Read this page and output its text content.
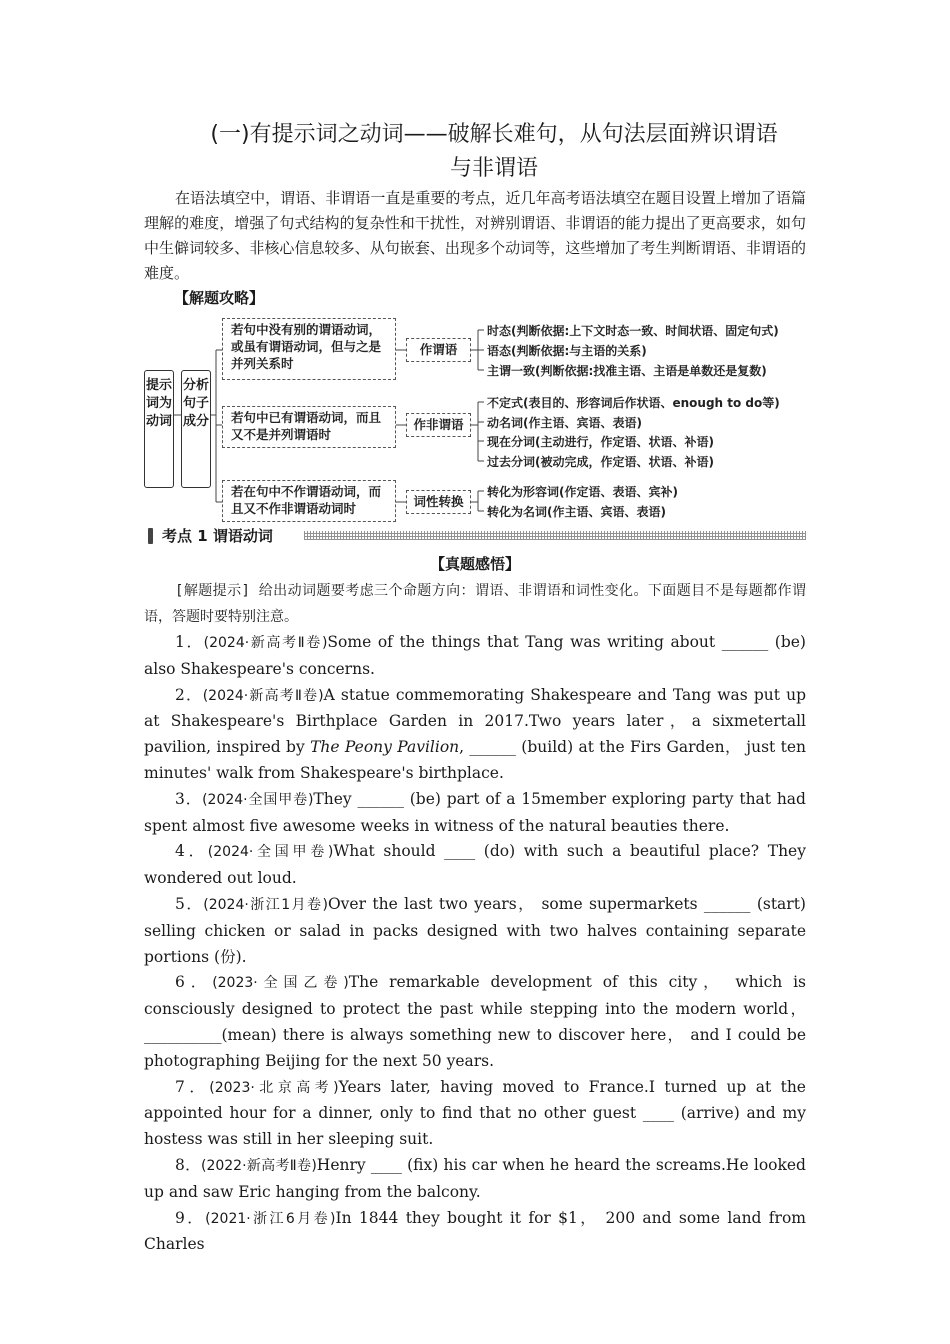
(一)有提示词之动词——破解长难句，从句法层面辨识谓语
与非谓语
在语法填空中，谓语、非谓语一直是重要的考点，近几年高考语法填空在题目设置上增加了语篇理解的难度，增强了句式结构的复杂性和干扰性，对辨别谓语、非谓语的能力提出了更高要求，如句中生僻词较多、非核心信息较多、从句嵌套、出现多个动词等，这些增加了考生判断谓语、非谓语的难度。
【解题攻略】
提示词为动词
分析句子成分
若句中没有别的谓语动词，或虽有谓语动词，但与之是并列关系时
若句中已有谓语动词，而且又不是并列谓语时
若在句中不作谓语动词，而且又不作非谓语动词时
作谓语
作非谓语
词性转换
时态(判断依据:上下文时态一致、时间状语、固定句式)
语态(判断依据:与主语的关系)
主谓一致(判断依据:找准主语、主语是单数还是复数)
不定式(表目的、形容词后作状语、enough to do等)
动名词(作主语、宾语、表语)
现在分词(主动进行，作定语、状语、补语)
过去分词(被动完成，作定语、状语、补语)
转化为形容词(作定语、表语、宾补)
转化为名词(作主语、宾语、表语)
考点 1 谓语动词
【真题感悟】
[解题提示] 给出动词题要考虑三个命题方向：谓语、非谓语和词性变化。下面题目不是每题都作谓语，答题时要特别注意。
1．(2024·新高考Ⅱ卷)Some of the things that Tang was writing about ______ (be) also Shakespeare's concerns.
2．(2024·新高考Ⅱ卷)A statue commemorating Shakespeare and Tang was put up at Shakespeare's Birthplace Garden in 2017.Two years later，a sixmetertall pavilion, inspired by The Peony Pavilion, ______ (build) at the Firs Garden， just ten minutes' walk from Shakespeare's birthplace.
3．(2024·全国甲卷)They ______ (be) part of a 15member exploring party that had spent almost five awesome weeks in witness of the natural beauties there.
4．(2024·全国甲卷)What should ____ (do) with such a beautiful place? They wondered out loud.
5．(2024·浙江1月卷)Over the last two years， some supermarkets ______ (start) selling chicken or salad in packs designed with two halves containing separate portions (份).
6．(2023·全国乙卷)The remarkable development of this city， which is consciously designed to protect the past while stepping into the modern world，__________(mean) there is always something new to discover here， and I could be photographing Beijing for the next 50 years.
7．(2023·北京高考)Years later, having moved to France.I turned up at the appointed hour for a dinner, only to find that no other guest ____ (arrive) and my hostess was still in her sleeping suit.
8．(2022·新高考Ⅱ卷)Henry ____ (fix) his car when he heard the screams.He looked up and saw Eric hanging from the balcony.
9．(2021·浙江6月卷)In 1844 they bought it for $1， 200 and some land from Charles
